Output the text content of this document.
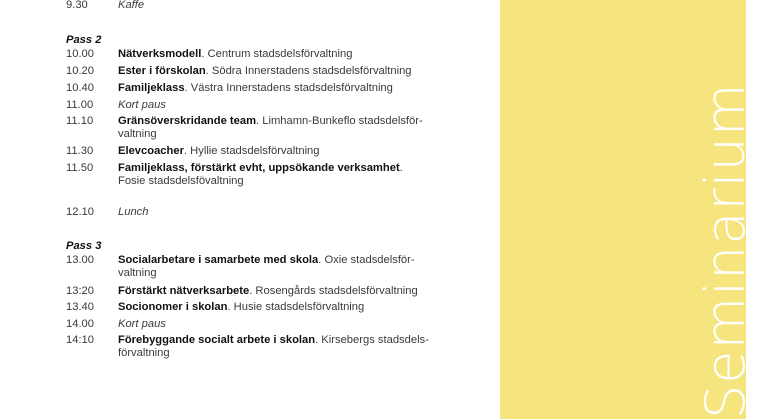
9.30	Kaffe
Pass 2
10.00	Nätverksmodell. Centrum stadsdelsförvaltning
10.20	Ester i förskolan. Södra Innerstadens stadsdelsförvaltning
10.40	Familjeklass. Västra Innerstadens stadsdelsförvaltning
11.00	Kort paus
11.10	Gränsöverskridande team. Limhamn-Bunkeflo stadsdelsför-
valtning
11.30	Elevcoacher. Hyllie stadsdelsförvaltning
11.50	Familjeklass, förstärkt evht, uppsökande verksamhet.
Fosie stadsdelsfövaltning
12.10	Lunch
Pass 3
13.00	Socialarbetare i samarbete med skola. Oxie stadsdelsför-
valtning
13:20	Förstärkt nätverksarbete. Rosengårds stadsdelsförvaltning
13.40	Socionomer i skolan. Husie stadsdelsförvaltning
14.00	Kort paus
14:10	Förebyggande socialt arbete i skolan. Kirsebergs stadsdels-
förvaltning	Seminarium
